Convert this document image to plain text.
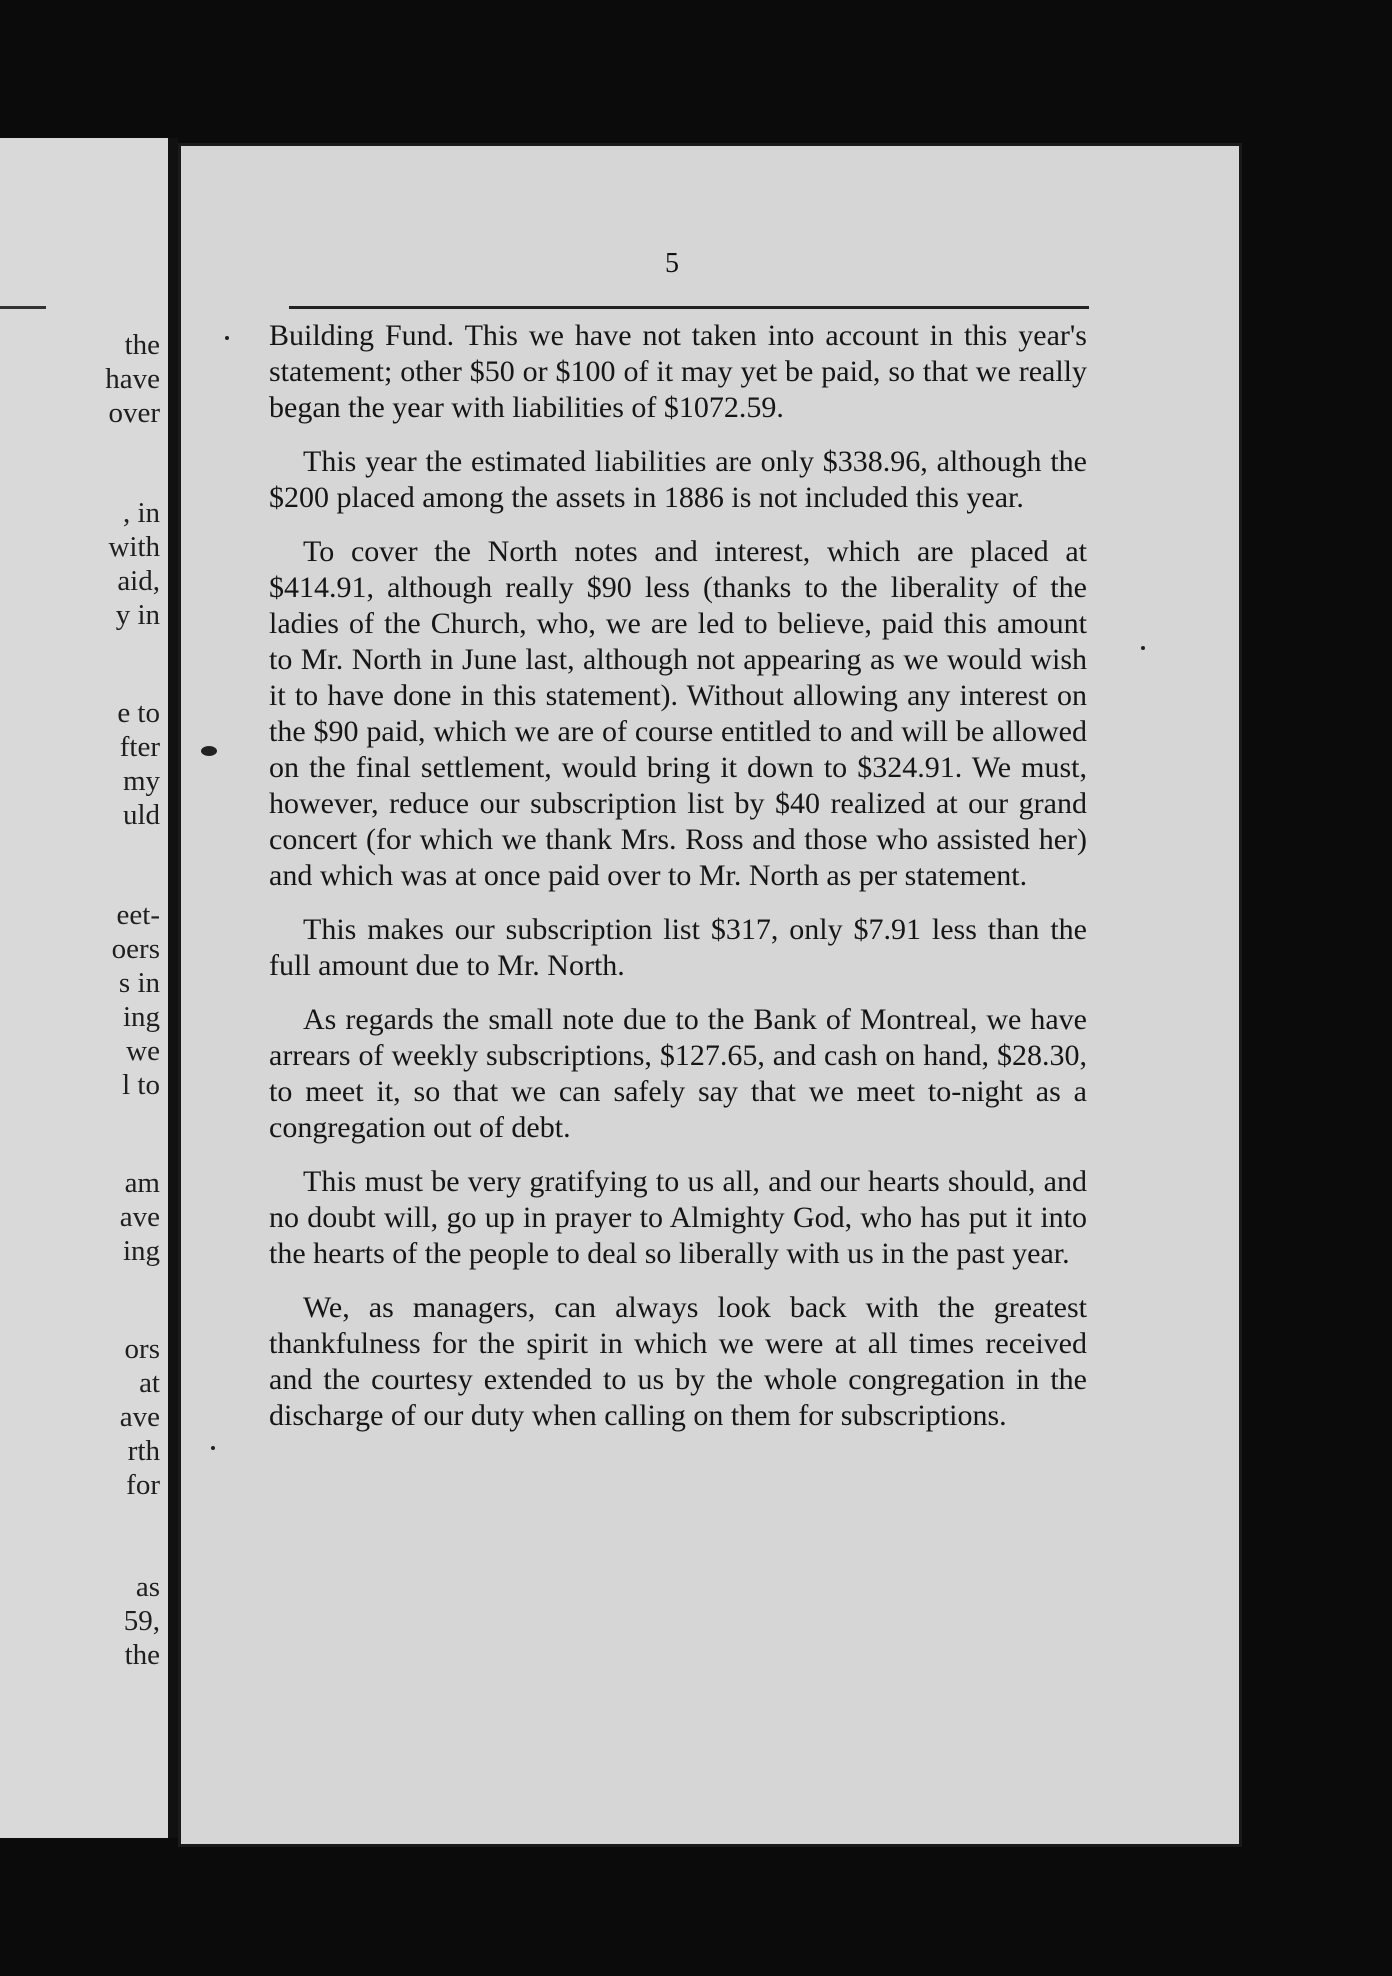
the
have
over
, in
with
aid,
y in
e to
fter
my
uld
eet-
oers
s in
ing
we
l to
am
ave
ing
ors
at
ave
rth
for
as
59,
the
5

Building Fund. This we have not taken into account in this year's statement; other $50 or $100 of it may yet be paid, so that we really began the year with liabilities of $1072.59.

This year the estimated liabilities are only $338.96, although the $200 placed among the assets in 1886 is not included this year.

To cover the North notes and interest, which are placed at $414.91, although really $90 less (thanks to the liberality of the ladies of the Church, who, we are led to believe, paid this amount to Mr. North in June last, although not appearing as we would wish it to have done in this statement). Without allowing any interest on the $90 paid, which we are of course entitled to and will be allowed on the final settlement, would bring it down to $324.91. We must, however, reduce our subscription list by $40 realized at our grand concert (for which we thank Mrs. Ross and those who assisted her) and which was at once paid over to Mr. North as per statement.

This makes our subscription list $317, only $7.91 less than the full amount due to Mr. North.

As regards the small note due to the Bank of Montreal, we have arrears of weekly subscriptions, $127.65, and cash on hand, $28.30, to meet it, so that we can safely say that we meet to-night as a congregation out of debt.

This must be very gratifying to us all, and our hearts should, and no doubt will, go up in prayer to Almighty God, who has put it into the hearts of the people to deal so liberally with us in the past year.

We, as managers, can always look back with the greatest thankfulness for the spirit in which we were at all times received and the courtesy extended to us by the whole congregation in the discharge of our duty when calling on them for subscriptions.
